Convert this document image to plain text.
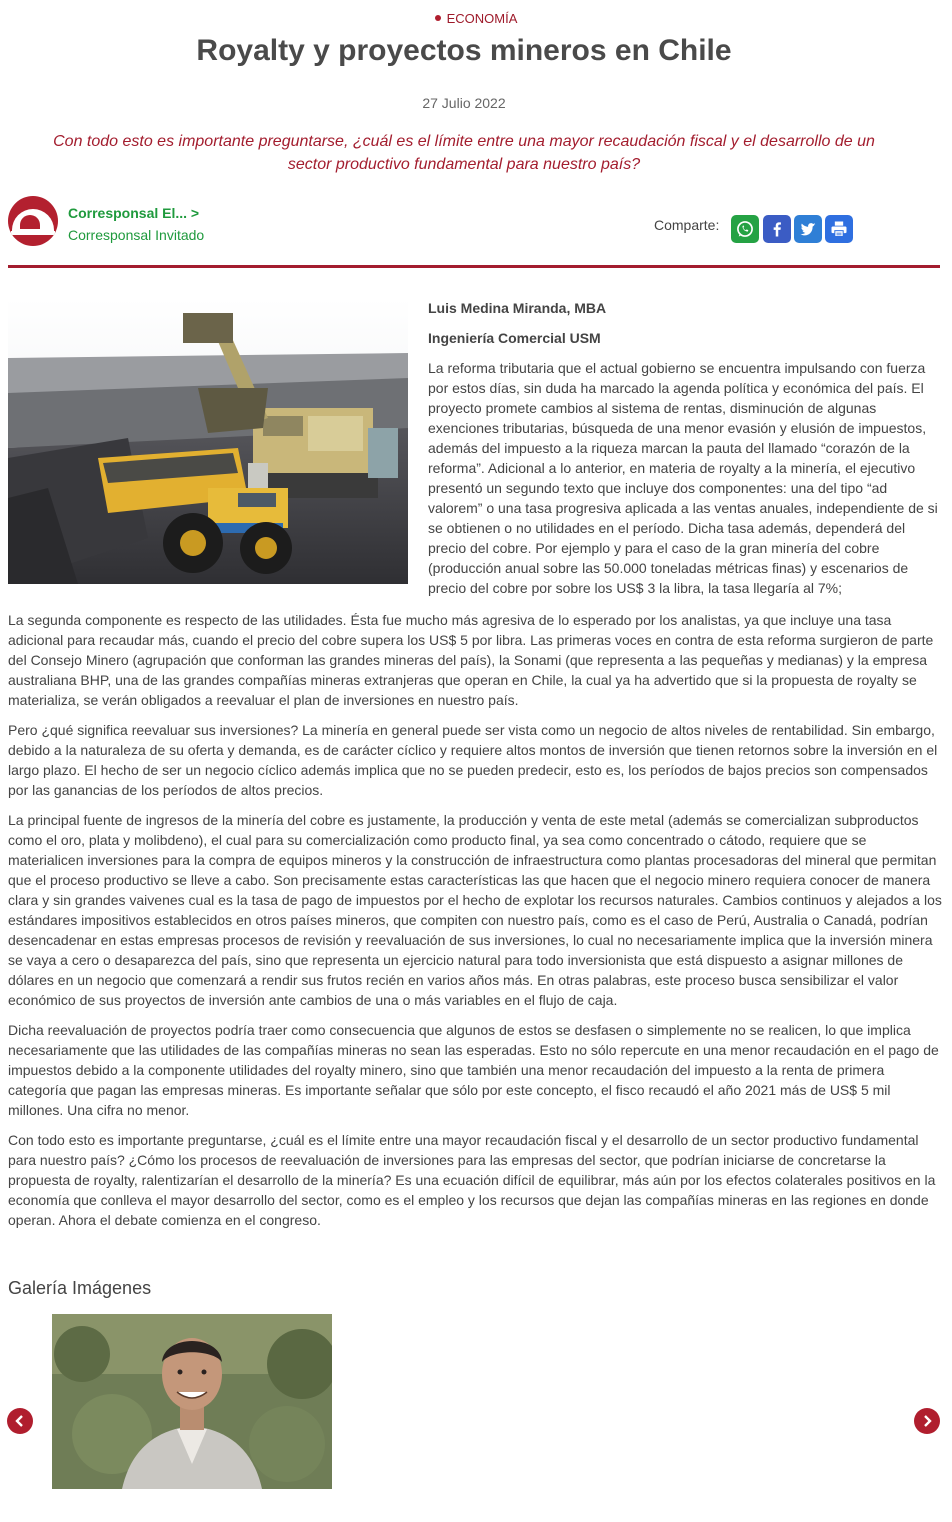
ECONOMÍA
Royalty y proyectos mineros en Chile
27 Julio 2022

Con todo esto es importante preguntarse, ¿cuál es el límite entre una mayor recaudación fiscal y el desarrollo de un sector productivo fundamental para nuestro país?

Corresponsal El... >
Corresponsal Invitado
Comparte:
Luis Medina Miranda, MBA
Ingeniería Comercial USM

La reforma tributaria que el actual gobierno se encuentra impulsando con fuerza por estos días, sin duda ha marcado la agenda política y económica del país. El proyecto promete cambios al sistema de rentas, disminución de algunas exenciones tributarias, búsqueda de una menor evasión y elusión de impuestos, además del impuesto a la riqueza marcan la pauta del llamado “corazón de la reforma”. Adicional a lo anterior, en materia de royalty a la minería, el ejecutivo presentó un segundo texto que incluye dos componentes: una del tipo “ad valorem” o una tasa progresiva aplicada a las ventas anuales, independiente de si se obtienen o no utilidades en el período. Dicha tasa además, dependerá del precio del cobre. Por ejemplo y para el caso de la gran minería del cobre (producción anual sobre las 50.000 toneladas métricas finas) y escenarios de precio del cobre por sobre los US$ 3 la libra, la tasa llegaría al 7%;

La segunda componente es respecto de las utilidades. Ésta fue mucho más agresiva de lo esperado por los analistas, ya que incluye una tasa adicional para recaudar más, cuando el precio del cobre supera los US$ 5 por libra. Las primeras voces en contra de esta reforma surgieron de parte del Consejo Minero (agrupación que conforman las grandes mineras del país), la Sonami (que representa a las pequeñas y medianas) y la empresa australiana BHP, una de las grandes compañías mineras extranjeras que operan en Chile, la cual ya ha advertido que si la propuesta de royalty se materializa, se verán obligados a reevaluar el plan de inversiones en nuestro país.

Pero ¿qué significa reevaluar sus inversiones? La minería en general puede ser vista como un negocio de altos niveles de rentabilidad. Sin embargo, debido a la naturaleza de su oferta y demanda, es de carácter cíclico y requiere altos montos de inversión que tienen retornos sobre la inversión en el largo plazo. El hecho de ser un negocio cíclico además implica que no se pueden predecir, esto es, los períodos de bajos precios son compensados por las ganancias de los períodos de altos precios.

La principal fuente de ingresos de la minería del cobre es justamente, la producción y venta de este metal (además se comercializan subproductos como el oro, plata y molibdeno), el cual para su comercialización como producto final, ya sea como concentrado o cátodo, requiere que se materialicen inversiones para la compra de equipos mineros y la construcción de infraestructura como plantas procesadoras del mineral que permitan que el proceso productivo se lleve a cabo. Son precisamente estas características las que hacen que el negocio minero requiera conocer de manera clara y sin grandes vaivenes cual es la tasa de pago de impuestos por el hecho de explotar los recursos naturales. Cambios continuos y alejados a los estándares impositivos establecidos en otros países mineros, que compiten con nuestro país, como es el caso de Perú, Australia o Canadá, podrían desencadenar en estas empresas procesos de revisión y reevaluación de sus inversiones, lo cual no necesariamente implica que la inversión minera se vaya a cero o desaparezca del país, sino que representa un ejercicio natural para todo inversionista que está dispuesto a asignar millones de dólares en un negocio que comenzará a rendir sus frutos recién en varios años más. En otras palabras, este proceso busca sensibilizar el valor económico de sus proyectos de inversión ante cambios de una o más variables en el flujo de caja.

Dicha reevaluación de proyectos podría traer como consecuencia que algunos de estos se desfasen o simplemente no se realicen, lo que implica necesariamente que las utilidades de las compañías mineras no sean las esperadas. Esto no sólo repercute en una menor recaudación en el pago de impuestos debido a la componente utilidades del royalty minero, sino que también una menor recaudación del impuesto a la renta de primera categoría que pagan las empresas mineras. Es importante señalar que sólo por este concepto, el fisco recaudó el año 2021 más de US$ 5 mil millones. Una cifra no menor.

Con todo esto es importante preguntarse, ¿cuál es el límite entre una mayor recaudación fiscal y el desarrollo de un sector productivo fundamental para nuestro país? ¿Cómo los procesos de reevaluación de inversiones para las empresas del sector, que podrían iniciarse de concretarse la propuesta de royalty, ralentizarían el desarrollo de la minería? Es una ecuación difícil de equilibrar, más aún por los efectos colaterales positivos en la economía que conlleva el mayor desarrollo del sector, como es el empleo y los recursos que dejan las compañías mineras en las regiones en donde operan. Ahora el debate comienza en el congreso.

Galería Imágenes
